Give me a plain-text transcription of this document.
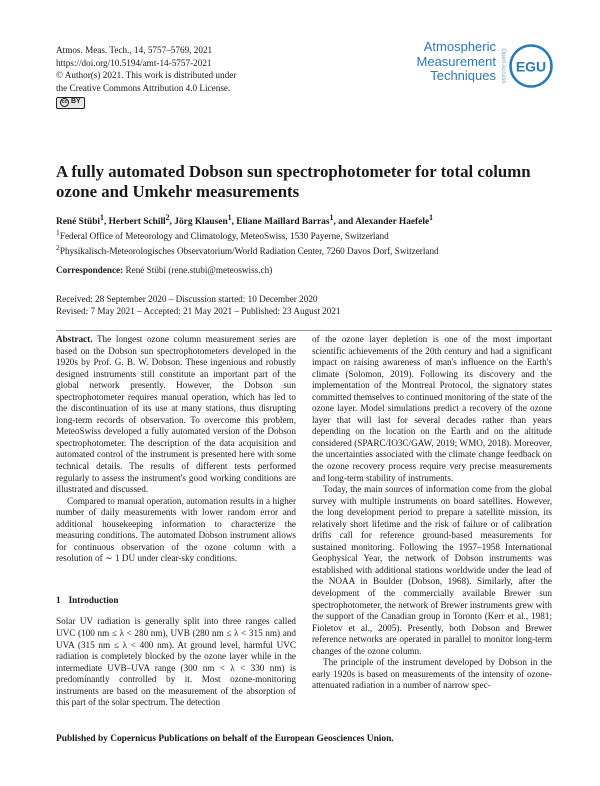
Atmos. Meas. Tech., 14, 5757–5769, 2021
https://doi.org/10.5194/amt-14-5757-2021
© Author(s) 2021. This work is distributed under
the Creative Commons Attribution 4.0 License.
cc BY
Atmospheric
Measurement
Techniques Open Access EGU
A fully automated Dobson sun spectrophotometer for total column ozone and Umkehr measurements
René Stübi$^1$, Herbert Schill$^2$, Jörg Klausen$^1$, Eliane Maillard Barras$^1$, and Alexander Haefele$^1$
$^1$Federal Office of Meteorology and Climatology, MeteoSwiss, 1530 Payerne, Switzerland
$^2$Physikalisch-Meteorologisches Observatorium/World Radiation Center, 7260 Davos Dorf, Switzerland
Correspondence: René Stübi (rene.stubi@meteoswiss.ch)
Received: 28 September 2020 – Discussion started: 10 December 2020
Revised: 7 May 2021 – Accepted: 21 May 2021 – Published: 23 August 2021

Abstract. The longest ozone column measurement series are based on the Dobson sun spectrophotometers developed in the 1920s by Prof. G. B. W. Dobson. These ingenious and robustly designed instruments still constitute an important part of the global network presently. However, the Dobson sun spectrophotometer requires manual operation, which has led to the discontinuation of its use at many stations, thus disrupting long-term records of observation. To overcome this problem, MeteoSwiss developed a fully automated version of the Dobson spectrophotometer. The description of the data acquisition and automated control of the instrument is presented here with some technical details. The results of different tests performed regularly to assess the instrument's good working conditions are illustrated and discussed.

Compared to manual operation, automation results in a higher number of daily measurements with lower random error and additional housekeeping information to characterize the measuring conditions. The automated Dobson instrument allows for continuous observation of the ozone column with a resolution of ∼ 1 DU under clear-sky conditions.

1 Introduction

Solar UV radiation is generally split into three ranges called UVC (100 nm ≤ λ < 280 nm), UVB (280 nm ≤ λ < 315 nm) and UVA (315 nm ≤ λ < 400 nm). At ground level, harmful UVC radiation is completely blocked by the ozone layer while in the intermediate UVB–UVA range (300 nm < λ < 330 nm) is predominantly controlled by it. Most ozone-monitoring instruments are based on the measurement of the absorption of this part of the solar spectrum. The detection

of the ozone layer depletion is one of the most important scientific achievements of the 20th century and had a significant impact on raising awareness of man's influence on the Earth's climate (Solomon, 2019). Following its discovery and the implementation of the Montreal Protocol, the signatory states committed themselves to continued monitoring of the state of the ozone layer. Model simulations predict a recovery of the ozone layer that will last for several decades rather than years depending on the location on the Earth and on the altitude considered (SPARC/IO3C/GAW, 2019; WMO, 2018). Moreover, the uncertainties associated with the climate change feedback on the ozone recovery process require very precise measurements and long-term stability of instruments.

Today, the main sources of information come from the global survey with multiple instruments on board satellites. However, the long development period to prepare a satellite mission, its relatively short lifetime and the risk of failure or of calibration drifts call for reference ground-based measurements for sustained monitoring. Following the 1957–1958 International Geophysical Year, the network of Dobson instruments was established with additional stations worldwide under the lead of the NOAA in Boulder (Dobson, 1968). Similarly, after the development of the commercially available Brewer sun spectrophotometer, the network of Brewer instruments grew with the support of the Canadian group in Toronto (Kerr et al., 1981; Fioletov et al., 2005). Presently, both Dobson and Brewer reference networks are operated in parallel to monitor long-term changes of the ozone column.

The principle of the instrument developed by Dobson in the early 1920s is based on measurements of the intensity of ozone-attenuated radiation in a number of narrow spec-

Published by Copernicus Publications on behalf of the European Geosciences Union.
